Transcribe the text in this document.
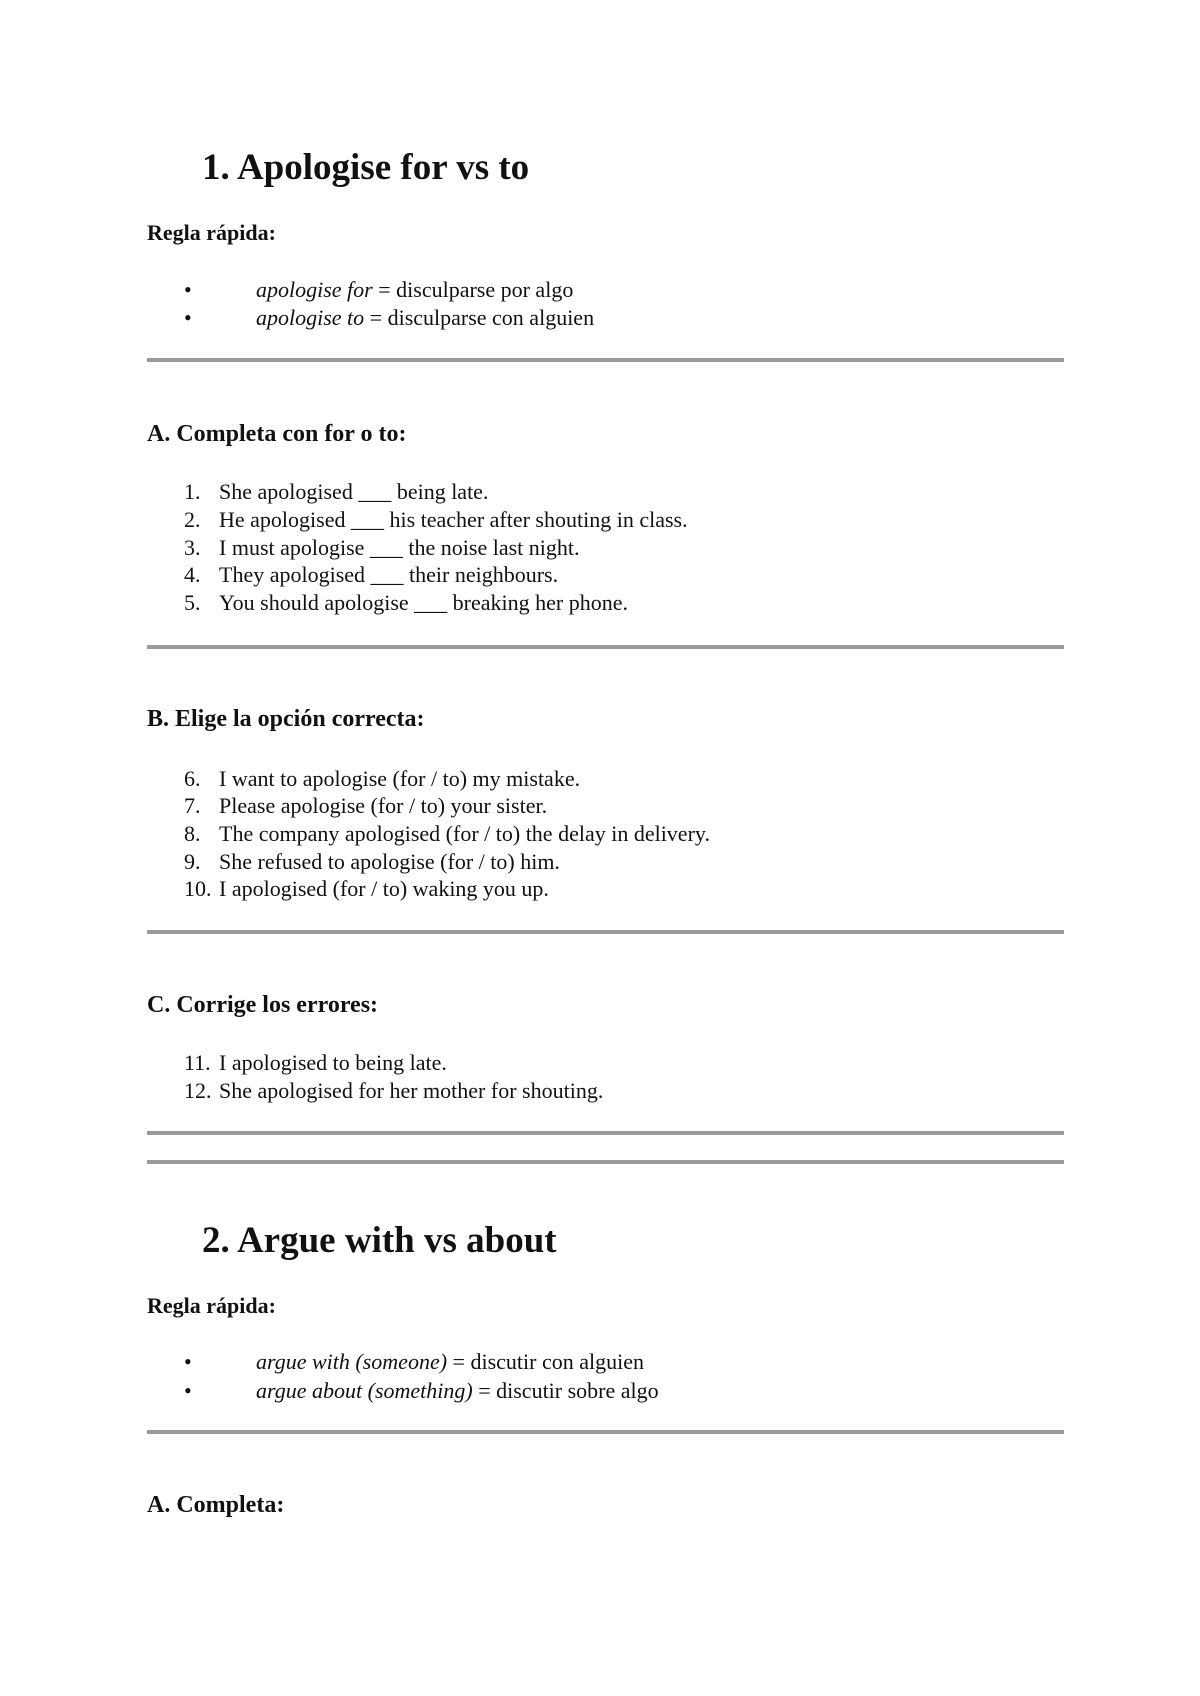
1. Apologise for vs to
Regla rápida:
•	apologise for = disculparse por algo
•	apologise to = disculparse con alguien
A. Completa con for o to:
1. She apologised ___ being late.
2. He apologised ___ his teacher after shouting in class.
3. I must apologise ___ the noise last night.
4. They apologised ___ their neighbours.
5. You should apologise ___ breaking her phone.
B. Elige la opción correcta:
6. I want to apologise (for / to) my mistake.
7. Please apologise (for / to) your sister.
8. The company apologised (for / to) the delay in delivery.
9. She refused to apologise (for / to) him.
10. I apologised (for / to) waking you up.
C. Corrige los errores:
11. I apologised to being late.
12. She apologised for her mother for shouting.
2. Argue with vs about
Regla rápida:
•	argue with (someone) = discutir con alguien
•	argue about (something) = discutir sobre algo
A. Completa:
